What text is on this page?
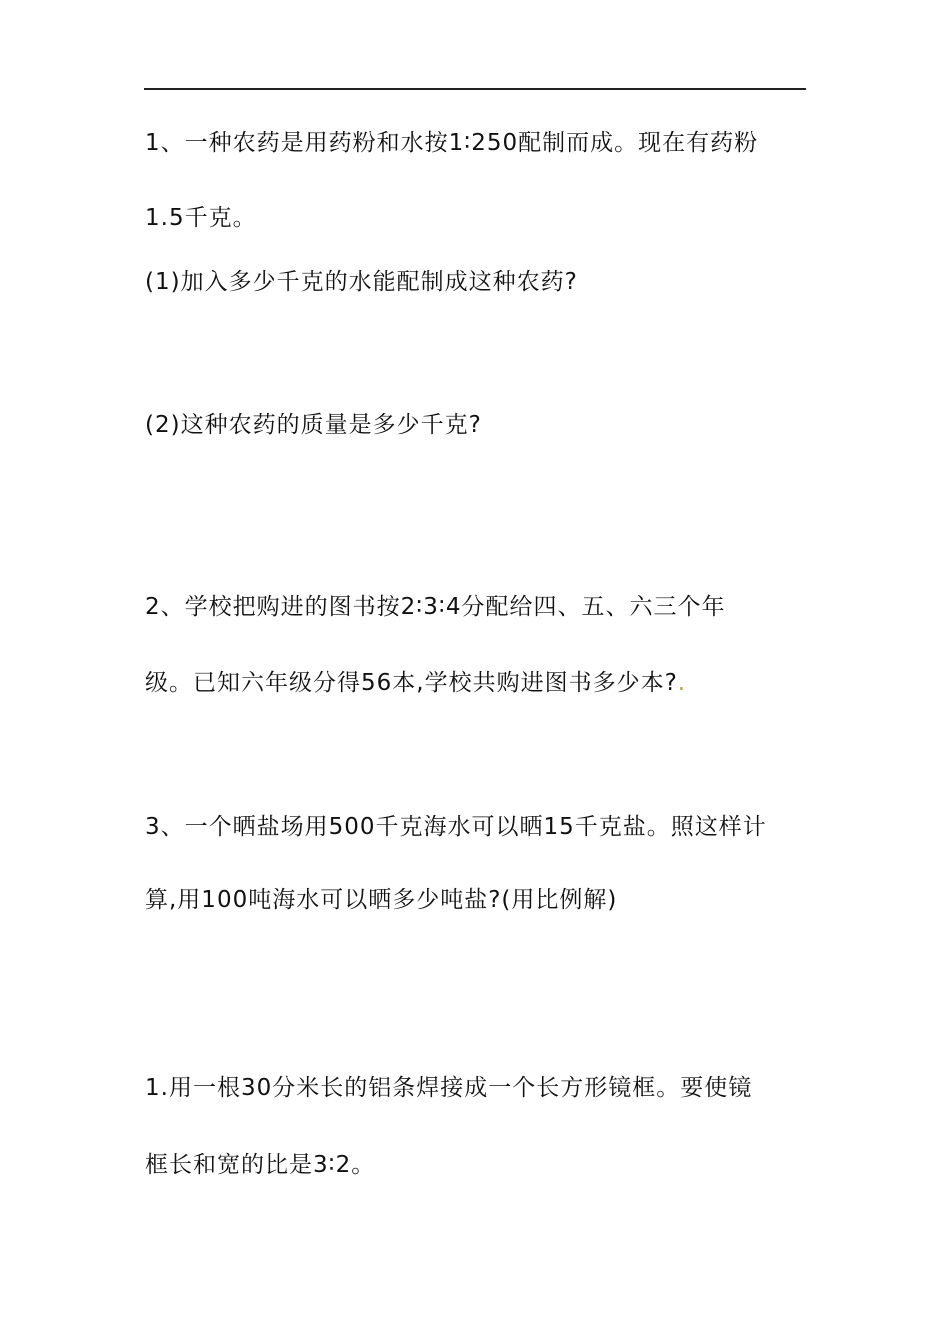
1、一种农药是用药粉和水按1∶250配制而成。现在有药粉
1.5千克。
(1)加入多少千克的水能配制成这种农药?
(2)这种农药的质量是多少千克?
2、学校把购进的图书按2∶3∶4分配给四、五、六三个年
级。已知六年级分得56本,学校共购进图书多少本?.
3、一个晒盐场用500千克海水可以晒15千克盐。照这样计
算,用100吨海水可以晒多少吨盐?(用比例解)
1.用一根30分米长的铝条焊接成一个长方形镜框。要使镜
框长和宽的比是3∶2。
